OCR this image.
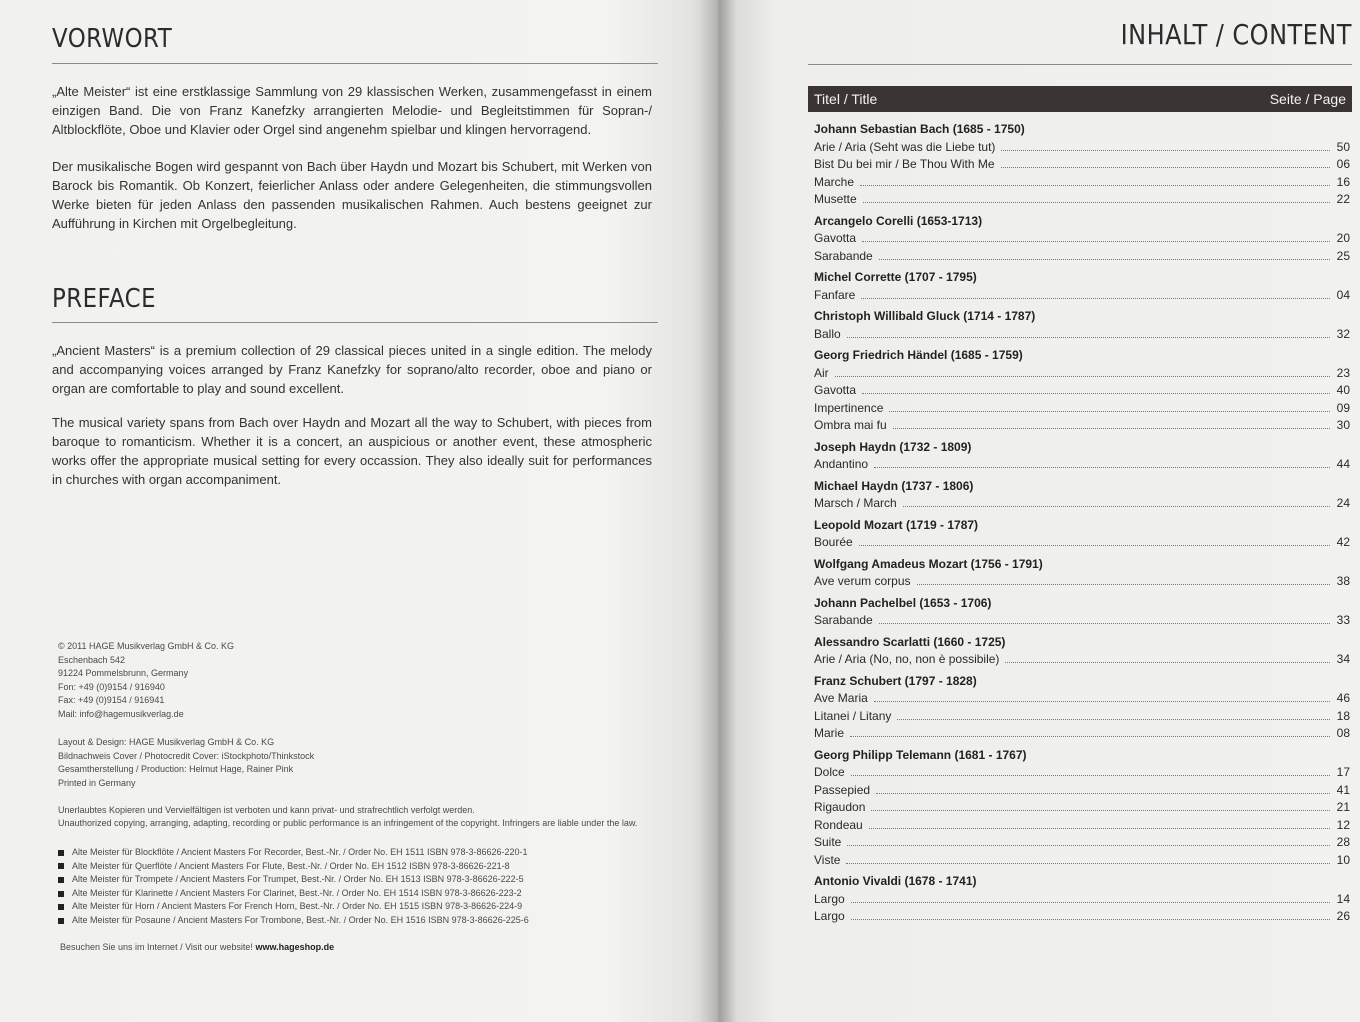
VORWORT

„Alte Meister“ ist eine erstklassige Sammlung von 29 klassischen Werken, zusammengefasst in einem einzigen Band. Die von Franz Kanefzky arrangierten Melodie- und Begleitstimmen für Sopran-/ Altblockflöte, Oboe und Klavier oder Orgel sind angenehm spielbar und klingen hervorragend.

Der musikalische Bogen wird gespannt von Bach über Haydn und Mozart bis Schubert, mit Werken von Barock bis Romantik. Ob Konzert, feierlicher Anlass oder andere Gelegenheiten, die stimmungsvollen Werke bieten für jeden Anlass den passenden musikalischen Rahmen. Auch bestens geeignet zur Aufführung in Kirchen mit Orgelbegleitung.

PREFACE

„Ancient Masters“ is a premium collection of 29 classical pieces united in a single edition. The melody and accompanying voices arranged by Franz Kanefzky for soprano/alto recorder, oboe and piano or organ are comfortable to play and sound excellent.

The musical variety spans from Bach over Haydn and Mozart all the way to Schubert, with pieces from baroque to romanticism. Whether it is a concert, an auspicious or another event, these atmospheric works offer the appropriate musical setting for every occassion. They also ideally suit for performances in churches with organ accompaniment.

© 2011 HAGE Musikverlag GmbH & Co. KG
Eschenbach 542
91224 Pommelsbrunn, Germany
Fon: +49 (0)9154 / 916940
Fax: +49 (0)9154 / 916941
Mail: info@hagemusikverlag.de
Layout & Design: HAGE Musikverlag GmbH & Co. KG
Bildnachweis Cover / Photocredit Cover: iStockphoto/Thinkstock
Gesamtherstellung / Production: Helmut Hage, Rainer Pink
Printed in Germany
Unerlaubtes Kopieren und Vervielfältigen ist verboten und kann privat- und strafrechtlich verfolgt werden.
Unauthorized copying, arranging, adapting, recording or public performance is an infringement of the copyright. Infringers are liable under the law.
Alte Meister für Blockflöte / Ancient Masters For Recorder, Best.-Nr. / Order No. EH 1511 ISBN 978-3-86626-220-1
Alte Meister für Querflöte / Ancient Masters For Flute, Best.-Nr. / Order No. EH 1512 ISBN 978-3-86626-221-8
Alte Meister für Trompete / Ancient Masters For Trumpet, Best.-Nr. / Order No. EH 1513 ISBN 978-3-86626-222-5
Alte Meister für Klarinette / Ancient Masters For Clarinet, Best.-Nr. / Order No. EH 1514 ISBN 978-3-86626-223-2
Alte Meister für Horn / Ancient Masters For French Horn, Best.-Nr. / Order No. EH 1515 ISBN 978-3-86626-224-9
Alte Meister für Posaune / Ancient Masters For Trombone, Best.-Nr. / Order No. EH 1516 ISBN 978-3-86626-225-6
Besuchen Sie uns im Internet / Visit our website! www.hageshop.de
INHALT / CONTENT
Titel / Title	Seite / Page
Johann Sebastian Bach (1685 - 1750)
Arie / Aria (Seht was die Liebe tut)	50
Bist Du bei mir / Be Thou With Me	06
Marche	16
Musette	22
Arcangelo Corelli (1653-1713)
Gavotta	20
Sarabande	25
Michel Corrette (1707 - 1795)
Fanfare	04
Christoph Willibald Gluck (1714 - 1787)
Ballo	32
Georg Friedrich Händel (1685 - 1759)
Air	23
Gavotta	40
Impertinence	09
Ombra mai fu	30
Joseph Haydn (1732 - 1809)
Andantino	44
Michael Haydn (1737 - 1806)
Marsch / March	24
Leopold Mozart (1719 - 1787)
Bourée	42
Wolfgang Amadeus Mozart (1756 - 1791)
Ave verum corpus	38
Johann Pachelbel (1653 - 1706)
Sarabande	33
Alessandro Scarlatti (1660 - 1725)
Arie / Aria (No, no, non è possibile)	34
Franz Schubert (1797 - 1828)
Ave Maria	46
Litanei / Litany	18
Marie	08
Georg Philipp Telemann (1681 - 1767)
Dolce	17
Passepied	41
Rigaudon	21
Rondeau	12
Suite	28
Viste	10
Antonio Vivaldi (1678 - 1741)
Largo	14
Largo	26
